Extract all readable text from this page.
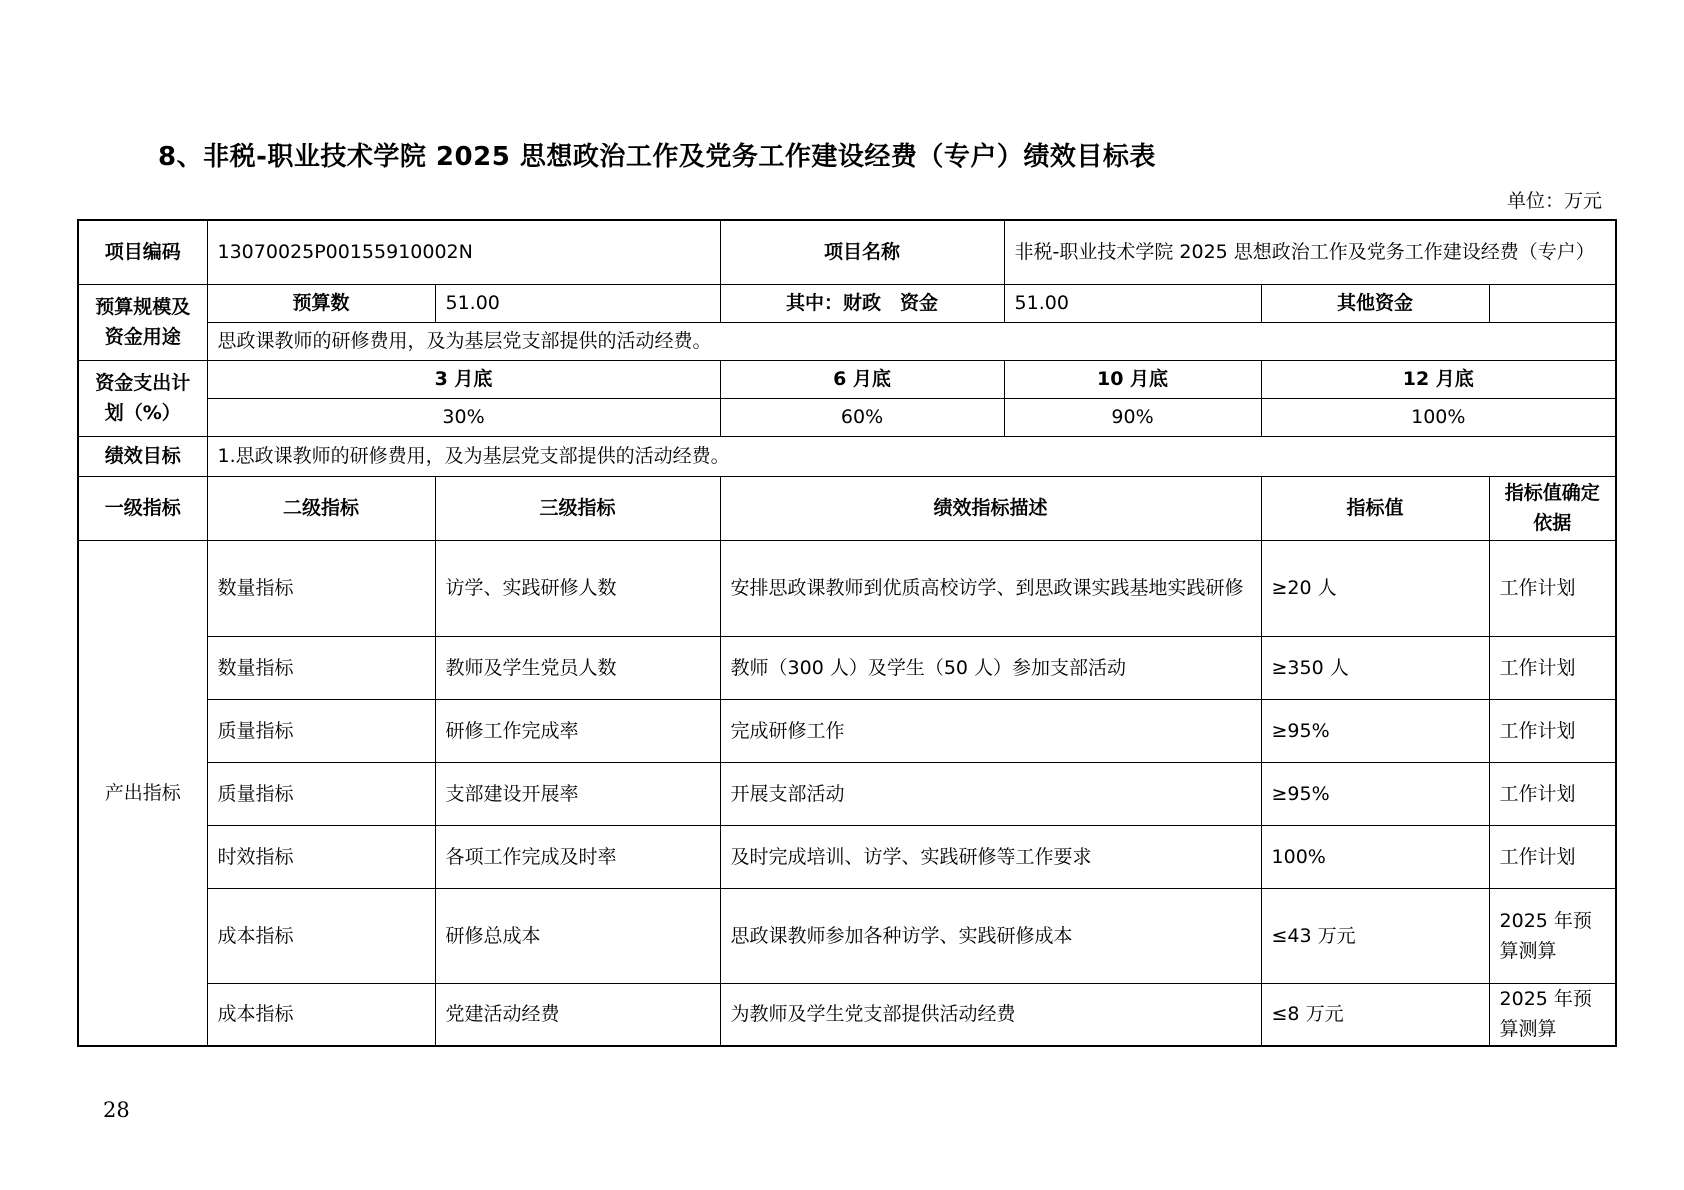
8、非税-职业技术学院 2025 思想政治工作及党务工作建设经费（专户）绩效目标表
单位：万元
项目编码	13070025P00155910002N		项目名称	非税-职业技术学院 2025 思想政治工作及党务工作建设经费（专户）		
预算规模及资金用途	预算数	51.00	其中：财政　资金	51.00	其他资金	
	思政课教师的研修费用，及为基层党支部提供的活动经费。					
资金支出计划（%）	3 月底		6 月底	10 月底	12 月底	
	30%		60%	90%	100%	
绩效目标	1.思政课教师的研修费用，及为基层党支部提供的活动经费。					
一级指标	二级指标	三级指标	绩效指标描述		指标值	指标值确定依据
产出指标	数量指标	访学、实践研修人数	安排思政课教师到优质高校访学、到思政课实践基地实践研修		≥20 人	工作计划
	数量指标	教师及学生党员人数	教师（300 人）及学生（50 人）参加支部活动		≥350 人	工作计划
	质量指标	研修工作完成率	完成研修工作		≥95%	工作计划
	质量指标	支部建设开展率	开展支部活动		≥95%	工作计划
	时效指标	各项工作完成及时率	及时完成培训、访学、实践研修等工作要求		100%	工作计划
	成本指标	研修总成本	思政课教师参加各种访学、实践研修成本		≤43 万元	2025 年预算测算
	成本指标	党建活动经费	为教师及学生党支部提供活动经费		≤8 万元	2025 年预算测算
28
